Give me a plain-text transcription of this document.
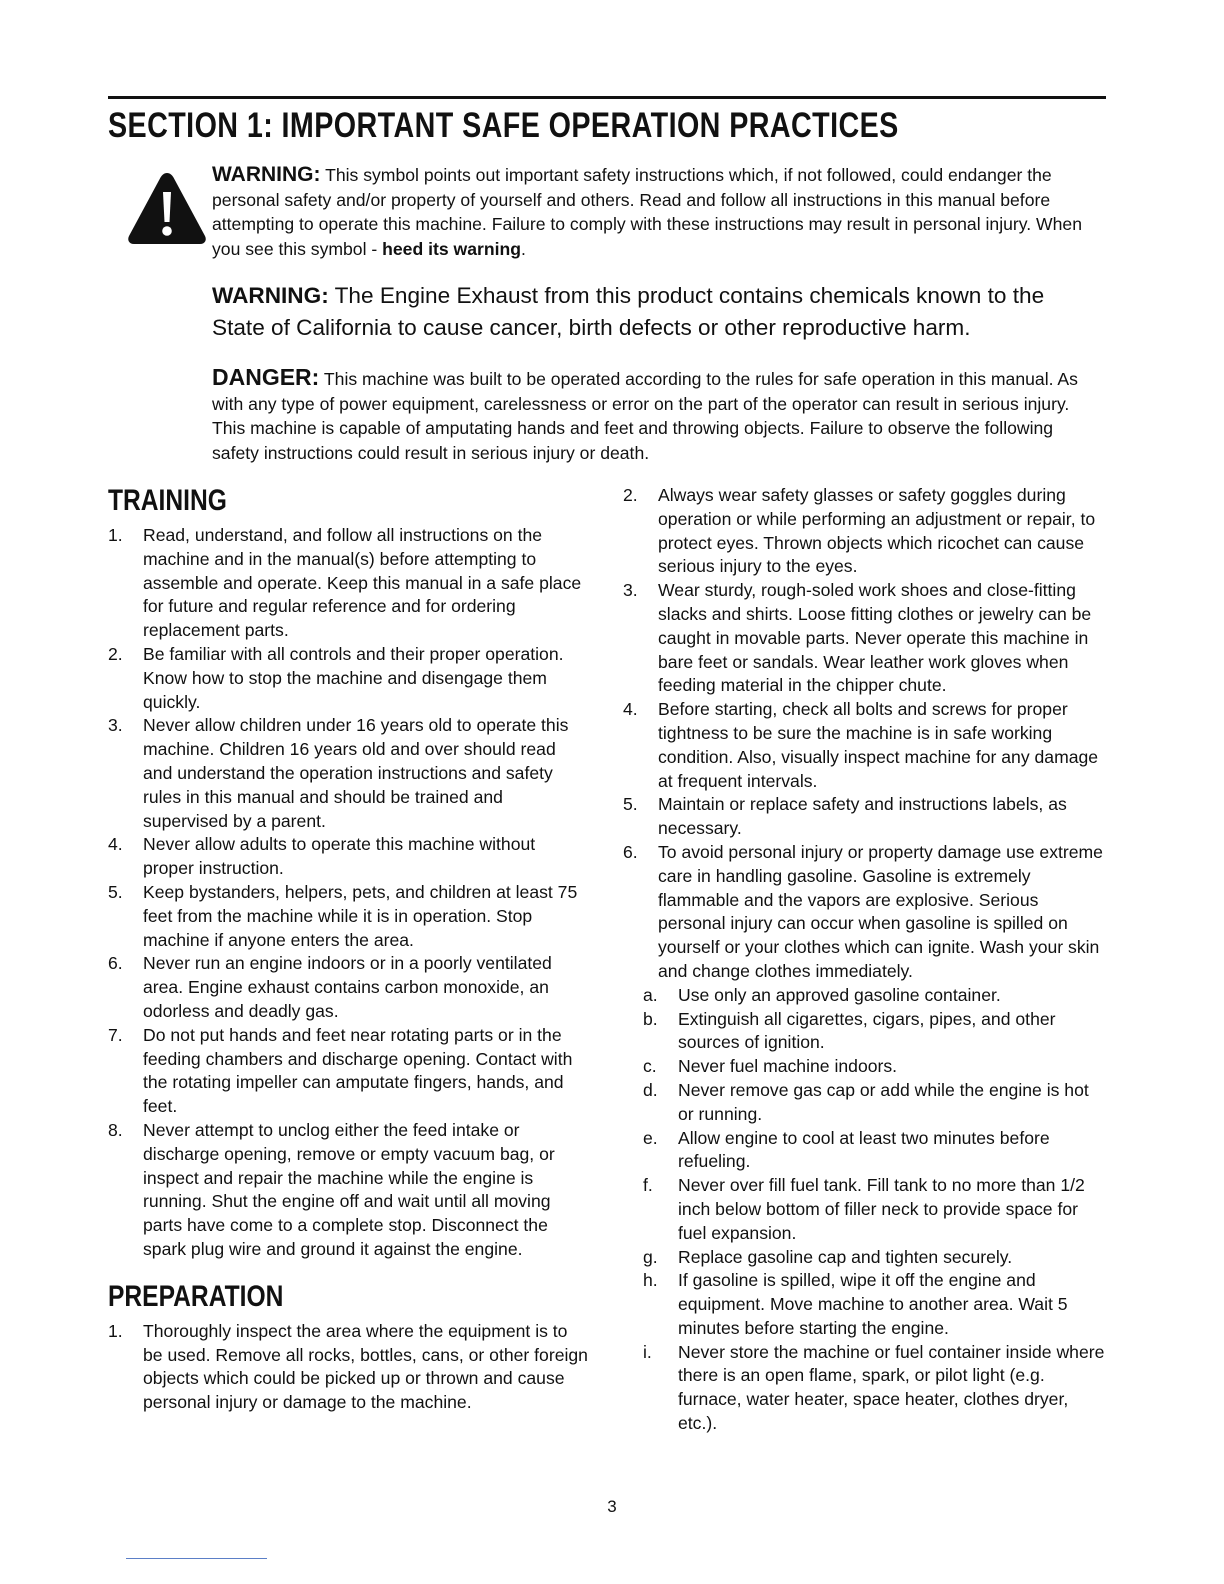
SECTION 1: IMPORTANT SAFE OPERATION PRACTICES
WARNING: This symbol points out important safety instructions which, if not followed, could endanger the personal safety and/or property of yourself and others. Read and follow all instructions in this manual before attempting to operate this machine. Failure to comply with these instructions may result in personal injury. When you see this symbol - heed its warning.
WARNING: The Engine Exhaust from this product contains chemicals known to the State of California to cause cancer, birth defects or other reproductive harm.
DANGER: This machine was built to be operated according to the rules for safe operation in this manual. As with any type of power equipment, carelessness or error on the part of the operator can result in serious injury. This machine is capable of amputating hands and feet and throwing objects. Failure to observe the following safety instructions could result in serious injury or death.
TRAINING
1.	Read, understand, and follow all instructions on the machine and in the manual(s) before attempting to assemble and operate. Keep this manual in a safe place for future and regular reference and for ordering replacement parts.
2.	Be familiar with all controls and their proper operation. Know how to stop the machine and disengage them quickly.
3.	Never allow children under 16 years old to operate this machine. Children 16 years old and over should read and understand the operation instructions and safety rules in this manual and should be trained and supervised by a parent.
4.	Never allow adults to operate this machine without proper instruction.
5.	Keep bystanders, helpers, pets, and children at least 75 feet from the machine while it is in operation. Stop machine if anyone enters the area.
6.	Never run an engine indoors or in a poorly ventilated area. Engine exhaust contains carbon monoxide, an odorless and deadly gas.
7.	Do not put hands and feet near rotating parts or in the feeding chambers and discharge opening. Contact with the rotating impeller can amputate fingers, hands, and feet.
8.	Never attempt to unclog either the feed intake or discharge opening, remove or empty vacuum bag, or inspect and repair the machine while the engine is running. Shut the engine off and wait until all moving parts have come to a complete stop. Disconnect the spark plug wire and ground it against the engine.
PREPARATION
1.	Thoroughly inspect the area where the equipment is to be used. Remove all rocks, bottles, cans, or other foreign objects which could be picked up or thrown and cause personal injury or damage to the machine.
2.	Always wear safety glasses or safety goggles during operation or while performing an adjustment or repair, to protect eyes. Thrown objects which ricochet can cause serious injury to the eyes.
3.	Wear sturdy, rough-soled work shoes and close-fitting slacks and shirts. Loose fitting clothes or jewelry can be caught in movable parts. Never operate this machine in bare feet or sandals. Wear leather work gloves when feeding material in the chipper chute.
4.	Before starting, check all bolts and screws for proper tightness to be sure the machine is in safe working condition. Also, visually inspect machine for any damage at frequent intervals.
5.	Maintain or replace safety and instructions labels, as necessary.
6.	To avoid personal injury or property damage use extreme care in handling gasoline. Gasoline is extremely flammable and the vapors are explosive. Serious personal injury can occur when gasoline is spilled on yourself or your clothes which can ignite. Wash your skin and change clothes immediately.
a.	Use only an approved gasoline container.
b.	Extinguish all cigarettes, cigars, pipes, and other sources of ignition.
c.	Never fuel machine indoors.
d.	Never remove gas cap or add while the engine is hot or running.
e.	Allow engine to cool at least two minutes before refueling.
f.	Never over fill fuel tank. Fill tank to no more than 1/2 inch below bottom of filler neck to provide space for fuel expansion.
g.	Replace gasoline cap and tighten securely.
h.	If gasoline is spilled, wipe it off the engine and equipment. Move machine to another area. Wait 5 minutes before starting the engine.
i.	Never store the machine or fuel container inside where there is an open flame, spark, or pilot light (e.g. furnace, water heater, space heater, clothes dryer, etc.).
3
